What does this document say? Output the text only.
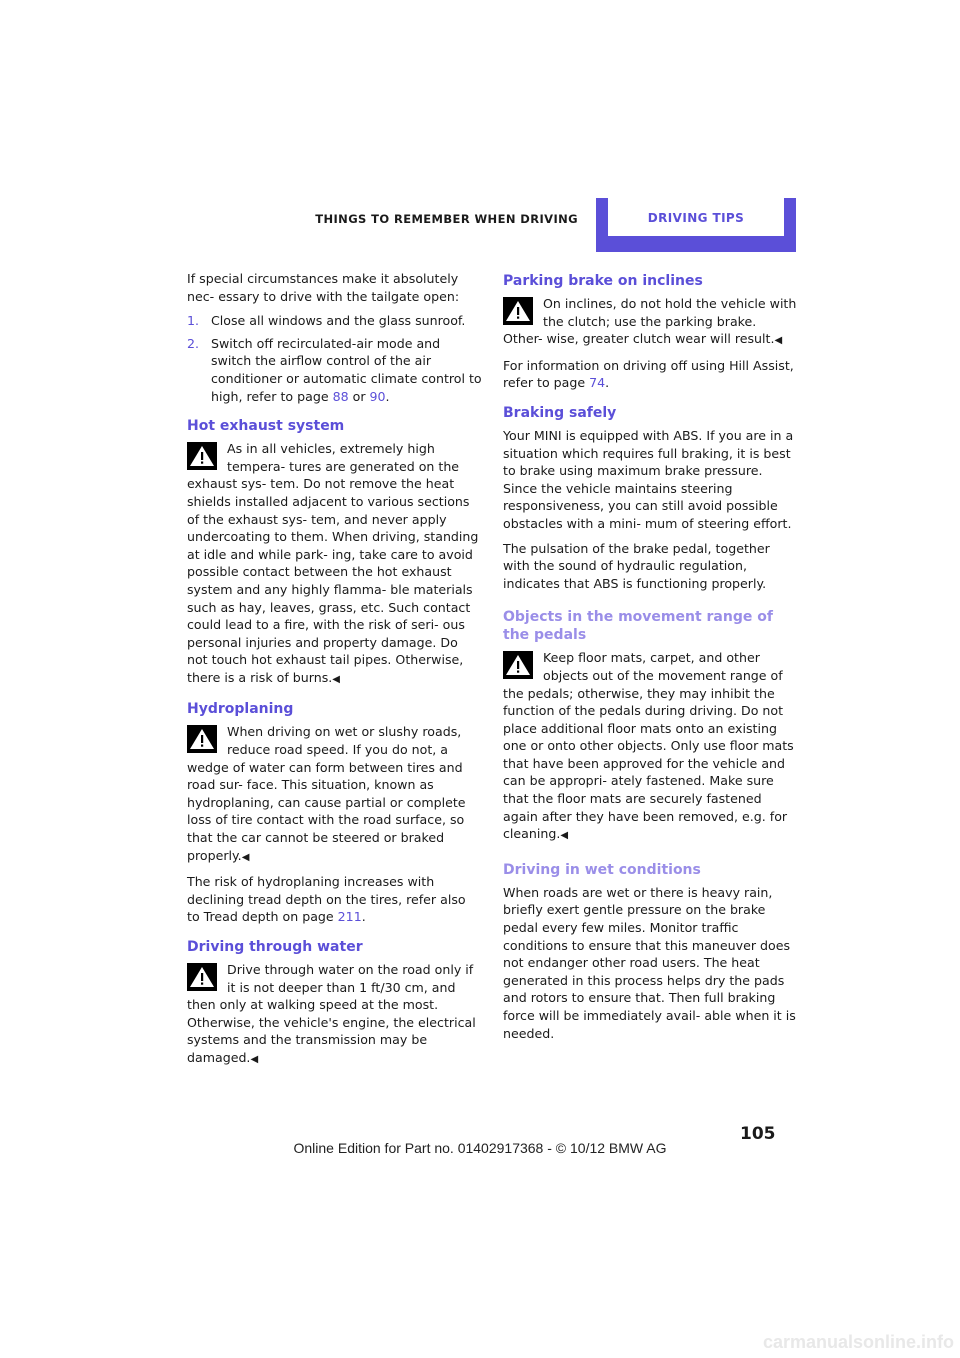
THINGS TO REMEMBER WHEN DRIVING	DRIVING TIPS

If special circumstances make it absolutely nec- essary to drive with the tailgate open:

1. Close all windows and the glass sunroof.
2. Switch off recirculated-air mode and switch the airflow control of the air conditioner or automatic climate control to high, refer to page 88 or 90.
Hot exhaust system

As in all vehicles, extremely high tempera- tures are generated on the exhaust sys- tem. Do not remove the heat shields installed adjacent to various sections of the exhaust sys- tem, and never apply undercoating to them. When driving, standing at idle and while park- ing, take care to avoid possible contact between the hot exhaust system and any highly flamma- ble materials such as hay, leaves, grass, etc. Such contact could lead to a fire, with the risk of seri- ous personal injuries and property damage. Do not touch hot exhaust tail pipes. Otherwise, there is a risk of burns.◀

Hydroplaning

When driving on wet or slushy roads, reduce road speed. If you do not, a wedge of water can form between tires and road sur- face. This situation, known as hydroplaning, can cause partial or complete loss of tire contact with the road surface, so that the car cannot be steered or braked properly.◀

The risk of hydroplaning increases with declining tread depth on the tires, refer also to Tread depth on page 211.

Driving through water

Drive through water on the road only if it is not deeper than 1 ft/30 cm, and then only at walking speed at the most. Otherwise, the vehicle's engine, the electrical systems and the transmission may be damaged.◀

Parking brake on inclines

On inclines, do not hold the vehicle with the clutch; use the parking brake. Other- wise, greater clutch wear will result.◀

For information on driving off using Hill Assist, refer to page 74.

Braking safely

Your MINI is equipped with ABS. If you are in a situation which requires full braking, it is best to brake using maximum brake pressure. Since the vehicle maintains steering responsiveness, you can still avoid possible obstacles with a mini- mum of steering effort.

The pulsation of the brake pedal, together with the sound of hydraulic regulation, indicates that ABS is functioning properly.

Objects in the movement range of the pedals

Keep floor mats, carpet, and other objects out of the movement range of the pedals; otherwise, they may inhibit the function of the pedals during driving. Do not place additional floor mats onto an existing one or onto other objects. Only use floor mats that have been approved for the vehicle and can be appropri- ately fastened. Make sure that the floor mats are securely fastened again after they have been removed, e.g. for cleaning.◀

Driving in wet conditions

When roads are wet or there is heavy rain, briefly exert gentle pressure on the brake pedal every few miles. Monitor traffic conditions to ensure that this maneuver does not endanger other road users. The heat generated in this process helps dry the pads and rotors to ensure that. Then full braking force will be immediately avail- able when it is needed.

105
Online Edition for Part no. 01402917368 - © 10/12 BMW AG
carmanualsonline.info
